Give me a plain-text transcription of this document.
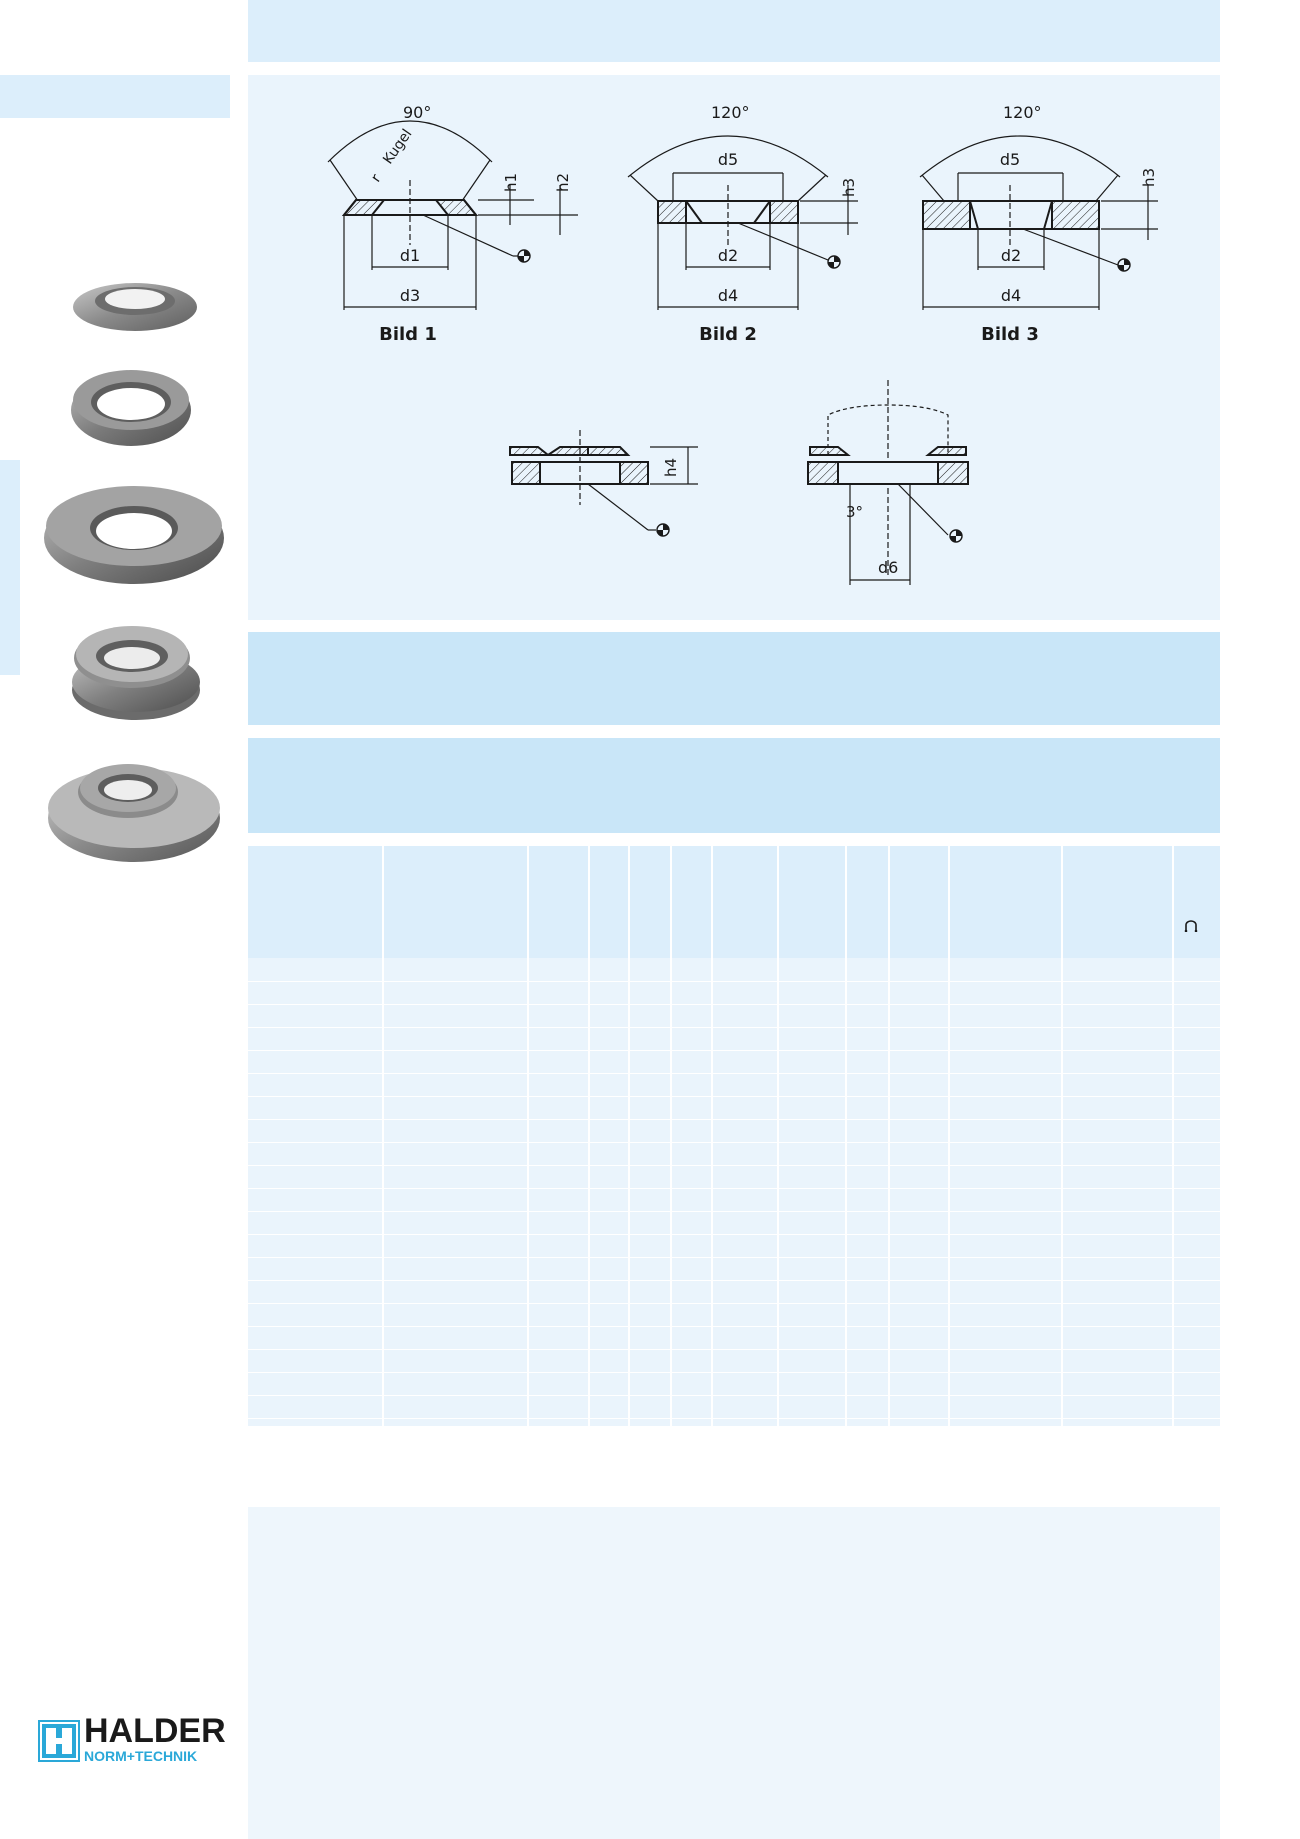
90°	120°	120°
r
Kugel
h1 h2
d1
d3
d5
h3
d2
d4
d5
h3
d2
d4
h4
3°
d6
Bild 1	Bild 2	Bild 3
HALDER
NORM+TECHNIK
